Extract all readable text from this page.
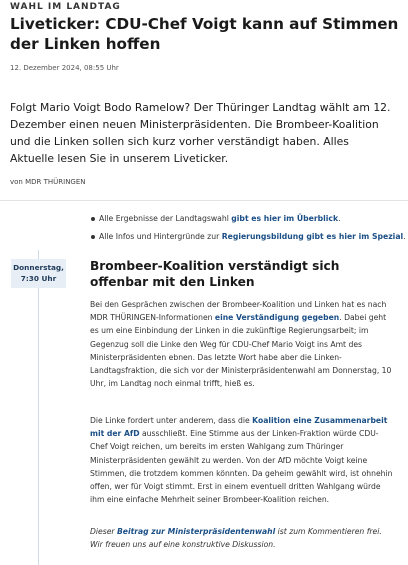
WAHL IM LANDTAG
Liveticker: CDU-Chef Voigt kann auf Stimmen der Linken hoffen
12. Dezember 2024, 08:55 Uhr

Folgt Mario Voigt Bodo Ramelow? Der Thüringer Landtag wählt am 12. Dezember einen neuen Ministerpräsidenten. Die Brombeer-Koalition und die Linken sollen sich kurz vorher verständigt haben. Alles Aktuelle lesen Sie in unserem Liveticker.

von MDR THÜRINGEN
Alle Ergebnisse der Landtagswahl gibt es hier im Überblick.
Alle Infos und Hintergründe zur Regierungsbildung gibt es hier im Spezial.
Donnerstag,
7:30 Uhr
Brombeer-Koalition verständigt sich offenbar mit den Linken

Bei den Gesprächen zwischen der Brombeer-Koalition und Linken hat es nach MDR THÜRINGEN-Informationen eine Verständigung gegeben. Dabei geht es um eine Einbindung der Linken in die zukünftige Regierungsarbeit; im Gegenzug soll die Linke den Weg für CDU-Chef Mario Voigt ins Amt des Ministerpräsidenten ebnen. Das letzte Wort habe aber die Linken-Landtagsfraktion, die sich vor der Ministerpräsidentenwahl am Donnerstag, 10 Uhr, im Landtag noch einmal trifft, hieß es.

Die Linke fordert unter anderem, dass die Koalition eine Zusammenarbeit mit der AfD ausschließt. Eine Stimme aus der Linken-Fraktion würde CDU-Chef Voigt reichen, um bereits im ersten Wahlgang zum Thüringer Ministerpräsidenten gewählt zu werden. Von der AfD möchte Voigt keine Stimmen, die trotzdem kommen könnten. Da geheim gewählt wird, ist ohnehin offen, wer für Voigt stimmt. Erst in einem eventuell dritten Wahlgang würde ihm eine einfache Mehrheit seiner Brombeer-Koalition reichen.

Dieser Beitrag zur Ministerpräsidentenwahl ist zum Kommentieren frei. Wir freuen uns auf eine konstruktive Diskussion.
